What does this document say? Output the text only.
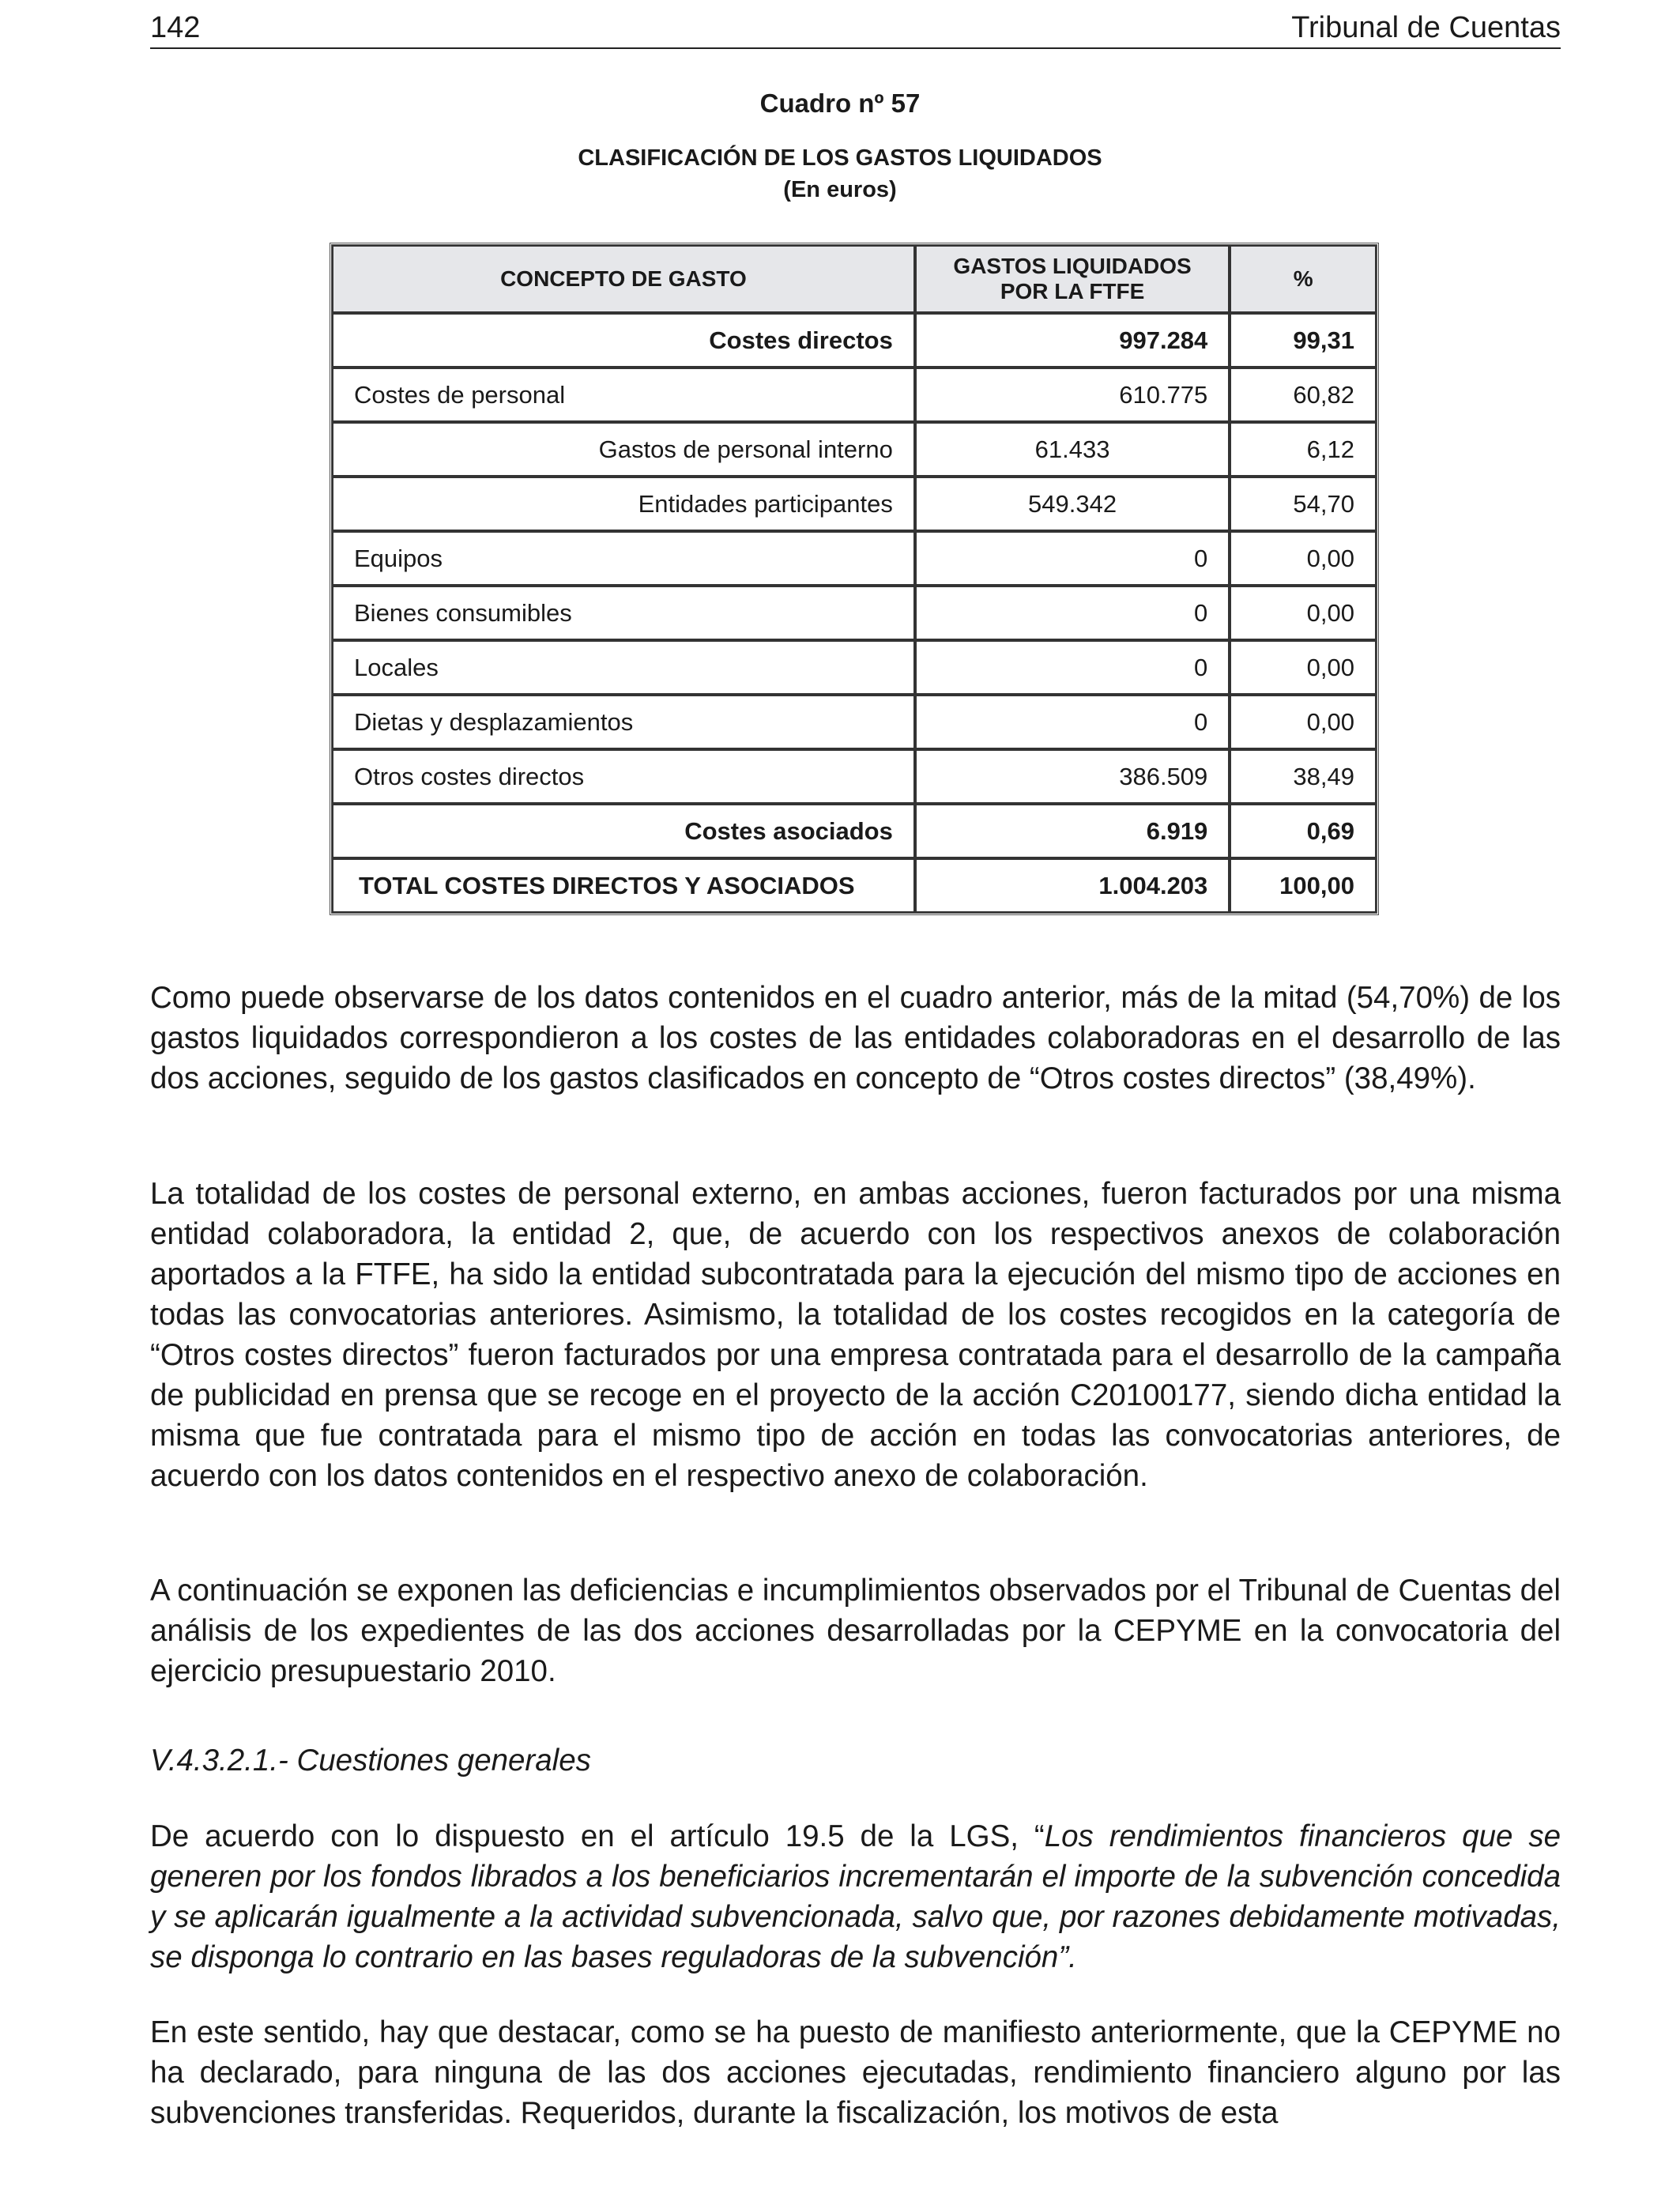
142	Tribunal de Cuentas
Cuadro nº 57
CLASIFICACIÓN DE LOS GASTOS LIQUIDADOS
(En euros)
CONCEPTO DE GASTO	GASTOS LIQUIDADOS POR LA FTFE	%
Costes directos	997.284	99,31
Costes de personal	610.775	60,82
Gastos de personal interno	61.433	6,12
Entidades participantes	549.342	54,70
Equipos	0	0,00
Bienes consumibles	0	0,00
Locales	0	0,00
Dietas y desplazamientos	0	0,00
Otros costes directos	386.509	38,49
Costes asociados	6.919	0,69
TOTAL COSTES DIRECTOS Y ASOCIADOS	1.004.203	100,00

Como puede observarse de los datos contenidos en el cuadro anterior, más de la mitad (54,70%) de los gastos liquidados correspondieron a los costes de las entidades colaboradoras en el desarrollo de las dos acciones, seguido de los gastos clasificados en concepto de “Otros costes directos” (38,49%).

La totalidad de los costes de personal externo, en ambas acciones, fueron facturados por una misma entidad colaboradora, la entidad 2, que, de acuerdo con los respectivos anexos de colaboración aportados a la FTFE, ha sido la entidad subcontratada para la ejecución del mismo tipo de acciones en todas las convocatorias anteriores. Asimismo, la totalidad de los costes recogidos en la categoría de “Otros costes directos” fueron facturados por una empresa contratada para el desarrollo de la campaña de publicidad en prensa que se recoge en el proyecto de la acción C20100177, siendo dicha entidad la misma que fue contratada para el mismo tipo de acción en todas las convocatorias anteriores, de acuerdo con los datos contenidos en el respectivo anexo de colaboración.

A continuación se exponen las deficiencias e incumplimientos observados por el Tribunal de Cuentas del análisis de los expedientes de las dos acciones desarrolladas por la CEPYME en la convocatoria del ejercicio presupuestario 2010.

V.4.3.2.1.- Cuestiones generales

De acuerdo con lo dispuesto en el artículo 19.5 de la LGS, “Los rendimientos financieros que se generen por los fondos librados a los beneficiarios incrementarán el importe de la subvención concedida y se aplicarán igualmente a la actividad subvencionada, salvo que, por razones debidamente motivadas, se disponga lo contrario en las bases reguladoras de la subvención”.

En este sentido, hay que destacar, como se ha puesto de manifiesto anteriormente, que la CEPYME no ha declarado, para ninguna de las dos acciones ejecutadas, rendimiento financiero alguno por las subvenciones transferidas. Requeridos, durante la fiscalización, los motivos de esta
